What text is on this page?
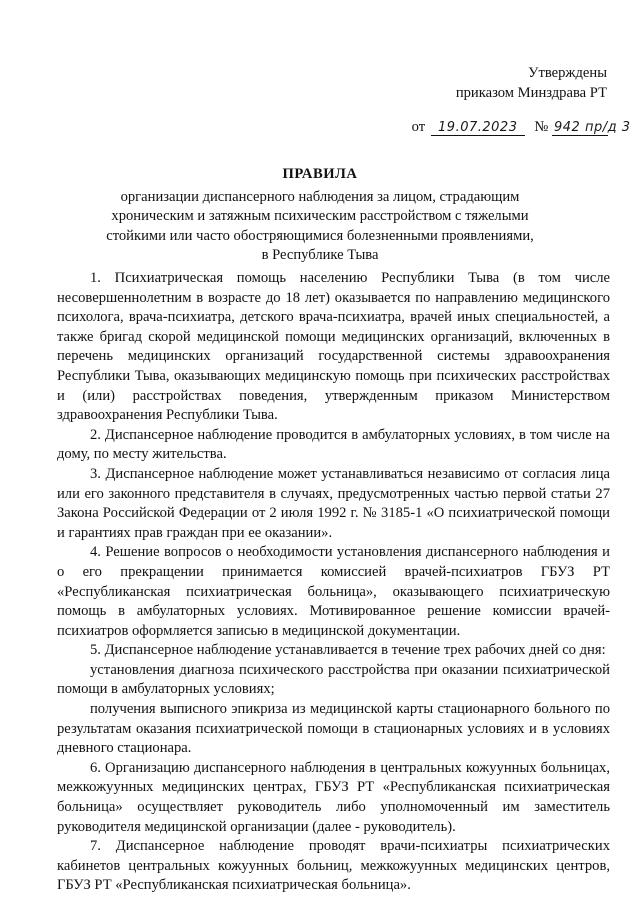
Утверждены
приказом Минздрава РТ
от 19.07.2023 № 942 пр/д 3
ПРАВИЛА
организации диспансерного наблюдения за лицом, страдающим
хроническим и затяжным психическим расстройством с тяжелыми
стойкими или часто обостряющимися болезненными проявлениями,
в Республике Тыва

1. Психиатрическая помощь населению Республики Тыва (в том числе несовершеннолетним в возрасте до 18 лет) оказывается по направлению медицинского психолога, врача-психиатра, детского врача-психиатра, врачей иных специальностей, а также бригад скорой медицинской помощи медицинских организаций, включенных в перечень медицинских организаций государственной системы здравоохранения Республики Тыва, оказывающих медицинскую помощь при психических расстройствах и (или) расстройствах поведения, утвержденным приказом Министерством здравоохранения Республики Тыва.

2. Диспансерное наблюдение проводится в амбулаторных условиях, в том числе на дому, по месту жительства.

3. Диспансерное наблюдение может устанавливаться независимо от согласия лица или его законного представителя в случаях, предусмотренных частью первой статьи 27 Закона Российской Федерации от 2 июля 1992 г. № 3185-1 «О психиатрической помощи и гарантиях прав граждан при ее оказании».

4. Решение вопросов о необходимости установления диспансерного наблюдения и о его прекращении принимается комиссией врачей-психиатров ГБУЗ РТ «Республиканская психиатрическая больница», оказывающего психиатрическую помощь в амбулаторных условиях. Мотивированное решение комиссии врачей-психиатров оформляется записью в медицинской документации.

5. Диспансерное наблюдение устанавливается в течение трех рабочих дней со дня:

установления диагноза психического расстройства при оказании психиатрической помощи в амбулаторных условиях;

получения выписного эпикриза из медицинской карты стационарного больного по результатам оказания психиатрической помощи в стационарных условиях и в условиях дневного стационара.

6. Организацию диспансерного наблюдения в центральных кожуунных больницах, межкожуунных медицинских центрах, ГБУЗ РТ «Республиканская психиатрическая больница» осуществляет руководитель либо уполномоченный им заместитель руководителя медицинской организации (далее - руководитель).

7. Диспансерное наблюдение проводят врачи-психиатры психиатрических кабинетов центральных кожуунных больниц, межкожуунных медицинских центров, ГБУЗ РТ «Республиканская психиатрическая больница».
